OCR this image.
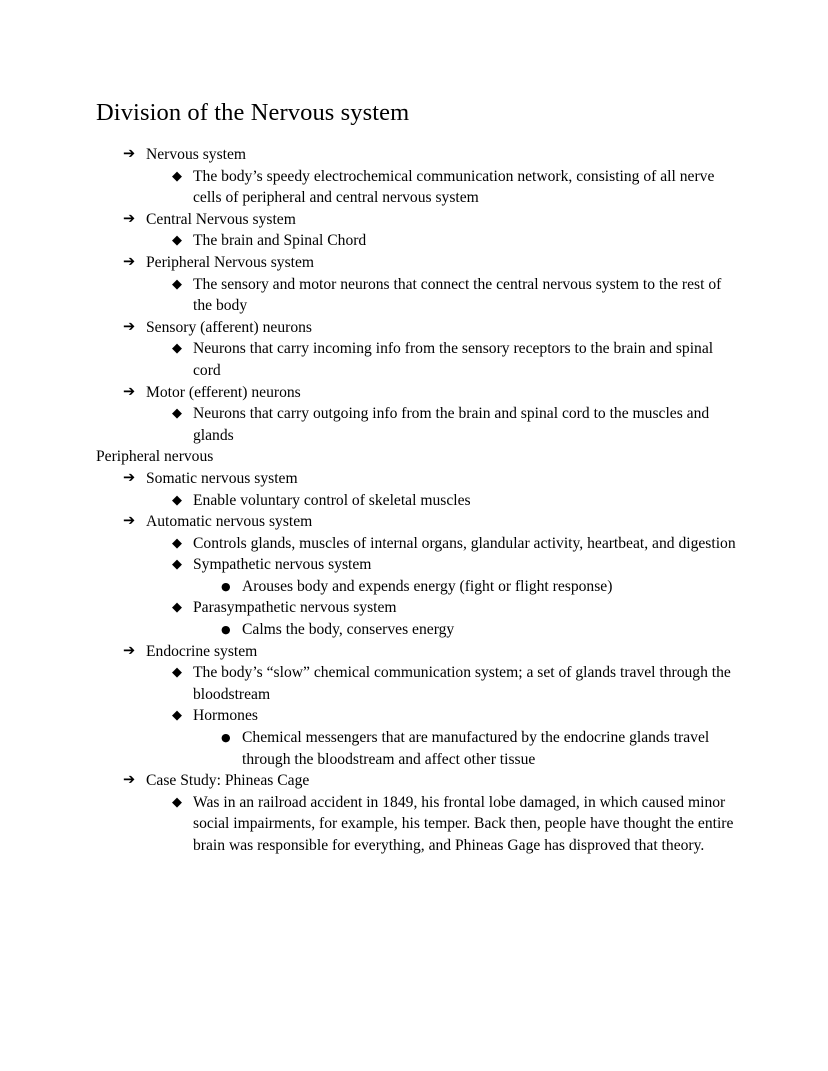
Division of the Nervous system
➔ Nervous system
◆ The body’s speedy electrochemical communication network, consisting of all nerve cells of peripheral and central nervous system
➔ Central Nervous system
◆ The brain and Spinal Chord
➔ Peripheral Nervous system
◆ The sensory and motor neurons that connect the central nervous system to the rest of the body
➔ Sensory (afferent) neurons
◆ Neurons that carry incoming info from the sensory receptors to the brain and spinal cord
➔ Motor (efferent) neurons
◆ Neurons that carry outgoing info from the brain and spinal cord to the muscles and glands
Peripheral nervous
➔ Somatic nervous system
◆ Enable voluntary control of skeletal muscles
➔ Automatic nervous system
◆ Controls glands, muscles of internal organs, glandular activity, heartbeat, and digestion
◆ Sympathetic nervous system
● Arouses body and expends energy (fight or flight response)
◆ Parasympathetic nervous system
● Calms the body, conserves energy
➔ Endocrine system
◆ The body’s “slow” chemical communication system; a set of glands travel through the bloodstream
◆ Hormones
● Chemical messengers that are manufactured by the endocrine glands travel through the bloodstream and affect other tissue
➔ Case Study: Phineas Cage
◆ Was in an railroad accident in 1849, his frontal lobe damaged, in which caused minor social impairments, for example, his temper. Back then, people have thought the entire brain was responsible for everything, and Phineas Gage has disproved that theory.
